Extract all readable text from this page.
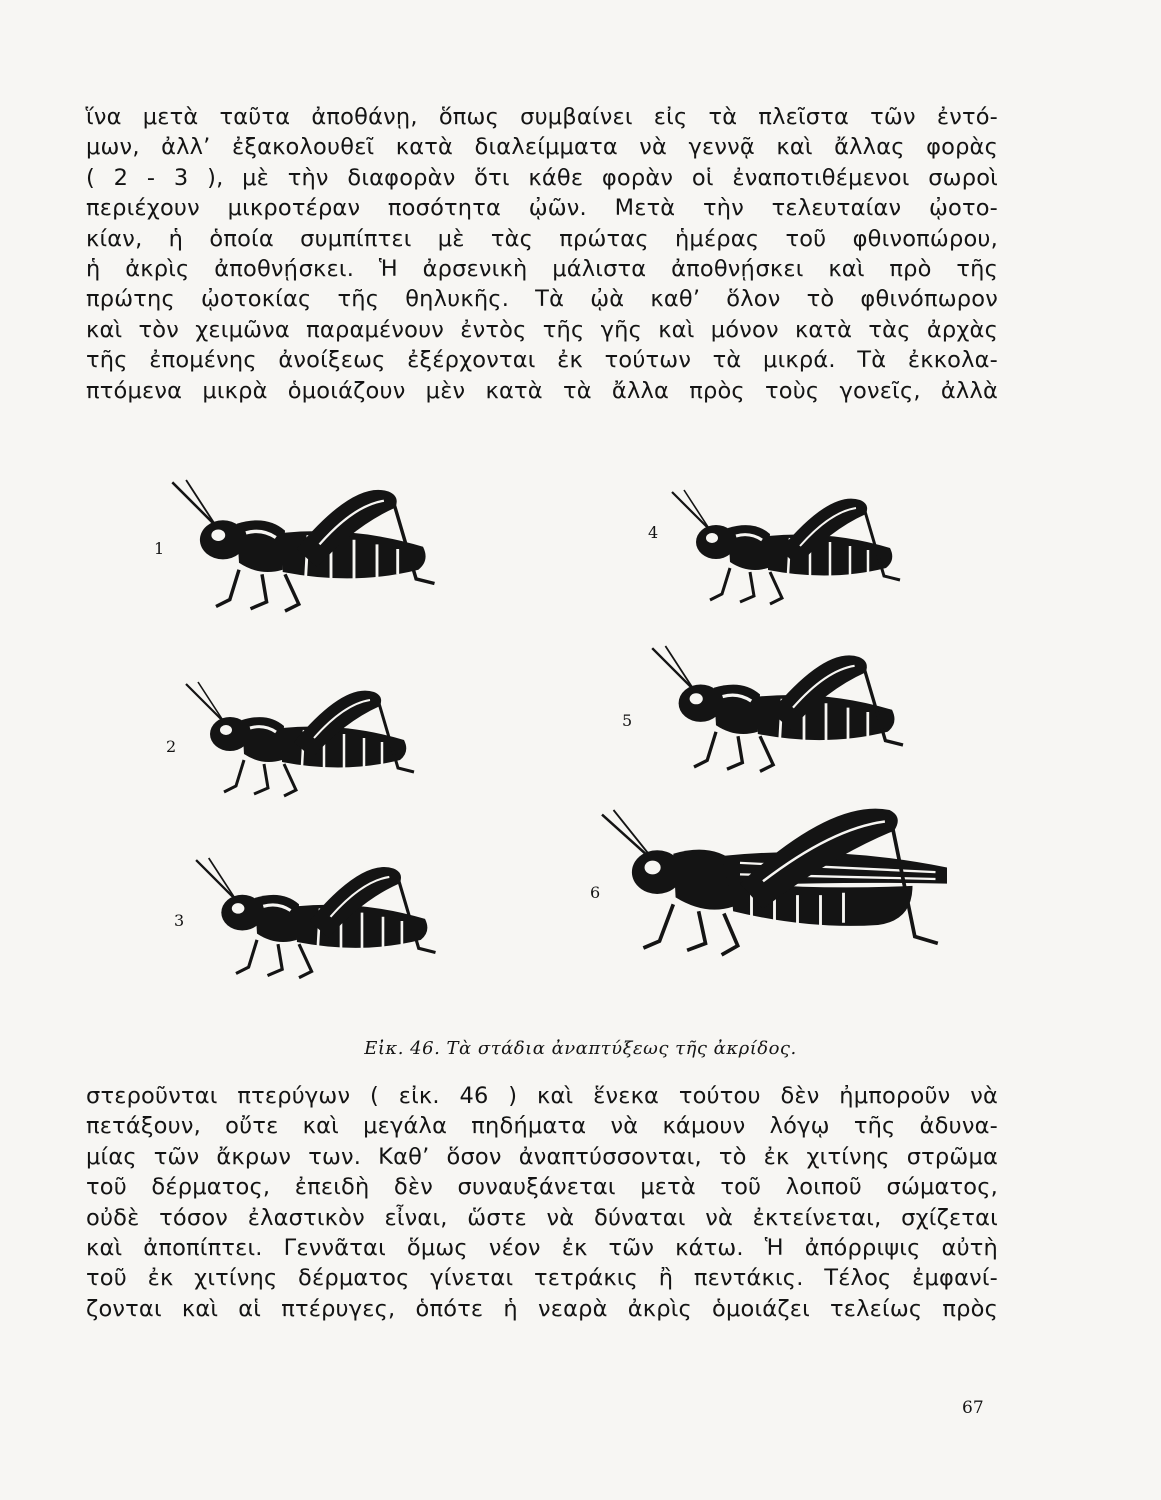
ἵνα μετὰ ταῦτα ἀποθάνῃ, ὅπως συμβαίνει εἰς τὰ πλεῖστα τῶν ἐντό-
μων, ἀλλ’ ἐξακολουθεῖ κατὰ διαλείμματα νὰ γεννᾷ καὶ ἄλλας φορὰς
( 2 - 3 ), μὲ τὴν διαφορὰν ὅτι κάθε φορὰν οἱ ἐναποτιθέμενοι σωροὶ
περιέχουν μικροτέραν ποσότητα ᾠῶν. Μετὰ τὴν τελευταίαν ᾠοτο-
κίαν, ἡ ὁποία συμπίπτει μὲ τὰς πρώτας ἡμέρας τοῦ φθινοπώρου,
ἡ ἀκρὶς ἀποθνῄσκει. Ἡ ἀρσενικὴ μάλιστα ἀποθνῄσκει καὶ πρὸ τῆς
πρώτης ᾠοτοκίας τῆς θηλυκῆς. Τὰ ᾠὰ καθ’ ὅλον τὸ φθινόπωρον
καὶ τὸν χειμῶνα παραμένουν ἐντὸς τῆς γῆς καὶ μόνον κατὰ τὰς ἀρχὰς
τῆς ἐπομένης ἀνοίξεως ἐξέρχονται ἐκ τούτων τὰ μικρά. Τὰ ἐκκολα-
πτόμενα μικρὰ ὁμοιάζουν μὲν κατὰ τὰ ἄλλα πρὸς τοὺς γονεῖς, ἀλλὰ
1
2
3
4
5
6
Εἰκ. 46. Τὰ στάδια ἀναπτύξεως τῆς ἀκρίδος.
στεροῦνται πτερύγων ( εἰκ. 46 ) καὶ ἕνεκα τούτου δὲν ἠμποροῦν νὰ
πετάξουν, οὔτε καὶ μεγάλα πηδήματα νὰ κάμουν λόγῳ τῆς ἀδυνα-
μίας τῶν ἄκρων των. Καθ’ ὅσον ἀναπτύσσονται, τὸ ἐκ χιτίνης στρῶμα
τοῦ δέρματος, ἐπειδὴ δὲν συναυξάνεται μετὰ τοῦ λοιποῦ σώματος,
οὐδὲ τόσον ἐλαστικὸν εἶναι, ὥστε νὰ δύναται νὰ ἐκτείνεται, σχίζεται
καὶ ἀποπίπτει. Γεννᾶται ὅμως νέον ἐκ τῶν κάτω. Ἡ ἀπόρριψις αὐτὴ
τοῦ ἐκ χιτίνης δέρματος γίνεται τετράκις ἢ πεντάκις. Τέλος ἐμφανί-
ζονται καὶ αἱ πτέρυγες, ὁπότε ἡ νεαρὰ ἀκρὶς ὁμοιάζει τελείως πρὸς
67
